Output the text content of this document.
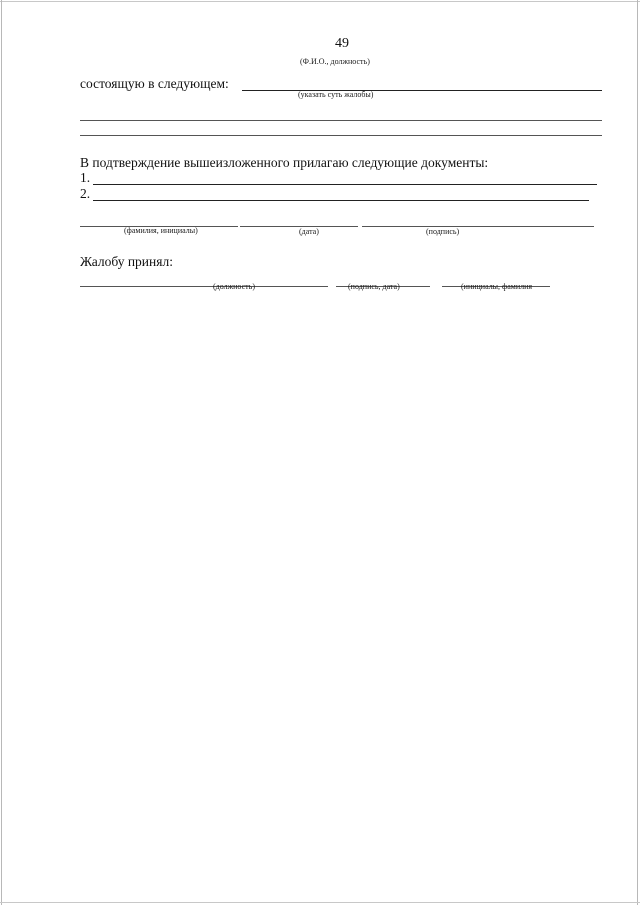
49
(Ф.И.О., должность)
состоящую в следующем:
(указать суть жалобы)
В подтверждение вышеизложенного прилагаю следующие документы:
1.
2.
(фамилия, инициалы)	(дата)	(подпись)
Жалобу принял:
(должность)	(подпись, дата)	(инициалы, фамилия
